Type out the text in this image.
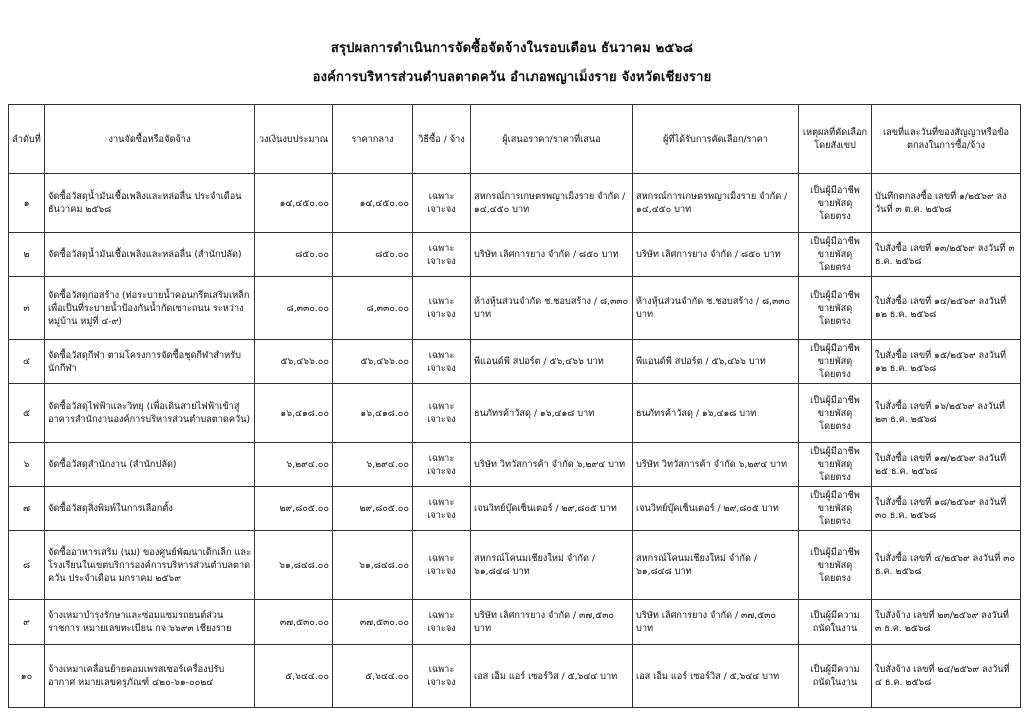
สรุปผลการดำเนินการจัดซื้อจัดจ้างในรอบเดือน ธันวาคม ๒๕๖๘
องค์การบริหารส่วนตำบลตาดควัน อำเภอพญาเม็งราย จังหวัดเชียงราย
ลำดับที่	งานจัดซื้อหรือจัดจ้าง	วงเงินงบประมาณ	ราคากลาง	วิธีซื้อ / จ้าง	ผู้เสนอราคา/ราคาที่เสนอ	ผู้ที่ได้รับการคัดเลือก/ราคา	เหตุผลที่คัดเลือกโดยสังเขป	เลขที่และวันที่ของสัญญาหรือข้อตกลงในการซื้อ/จ้าง
๑	จัดซื้อวัสดุน้ำมันเชื้อเพลิงและหล่อลื่น ประจำเดือน ธันวาคม ๒๕๖๘	๑๔,๔๕๐.๐๐	๑๔,๔๕๐.๐๐	เฉพาะเจาะจง	สหกรณ์การเกษตรพญาเม็งราย จำกัด / ๑๔,๔๕๐ บาท	สหกรณ์การเกษตรพญาเม็งราย จำกัด / ๑๔,๔๕๐ บาท	เป็นผู้มีอาชีพขายพัสดุโดยตรง	บันทึกตกลงซื้อ เลขที่ ๑/๒๕๖๙ ลงวันที่ ๓ ต.ค. ๒๕๖๘
๒	จัดซื้อวัสดุน้ำมันเชื้อเพลิงและหล่อลื่น (สำนักปลัด)	๘๕๐.๐๐	๘๕๐.๐๐	เฉพาะเจาะจง	บริษัท เลิศการยาง จำกัด / ๘๕๐ บาท	บริษัท เลิศการยาง จำกัด / ๘๕๐ บาท	เป็นผู้มีอาชีพขายพัสดุโดยตรง	ใบสั่งซื้อ เลขที่ ๑๓/๒๕๖๙ ลงวันที่ ๓ ธ.ค. ๒๕๖๘
๓	จัดซื้อวัสดุก่อสร้าง (ท่อระบายน้ำคอนกรีตเสริมเหล็ก เพื่อเป็นที่ระบายน้ำป้องกันน้ำกัดเซาะถนน ระหว่างหมู่บ้าน หมู่ที่ ๔-๙)	๘,๓๓๐.๐๐	๘,๓๓๐.๐๐	เฉพาะเจาะจง	ห้างหุ้นส่วนจำกัด ช.ชอบสร้าง / ๘,๓๓๐ บาท	ห้างหุ้นส่วนจำกัด ช.ชอบสร้าง / ๘,๓๓๐ บาท	เป็นผู้มีอาชีพขายพัสดุโดยตรง	ใบสั่งซื้อ เลขที่ ๑๔/๒๕๖๙ ลงวันที่ ๑๒ ธ.ค. ๒๕๖๘
๔	จัดซื้อวัสดุกีฬา ตามโครงการจัดซื้อชุดกีฬาสำหรับนักกีฬา	๕๖,๔๖๖.๐๐	๕๖,๔๖๖.๐๐	เฉพาะเจาะจง	พีแอนด์พี สปอร์ต / ๕๖,๔๖๖ บาท	พีแอนด์พี สปอร์ต / ๕๖,๔๖๖ บาท	เป็นผู้มีอาชีพขายพัสดุโดยตรง	ใบสั่งซื้อ เลขที่ ๑๕/๒๕๖๙ ลงวันที่ ๑๒ ธ.ค. ๒๕๖๘
๕	จัดซื้อวัสดุไฟฟ้าและวิทยุ (เพื่อเดินสายไฟฟ้าเข้าสู่อาคารสำนักงานองค์การบริหารส่วนตำบลตาดควัน)	๑๖,๔๑๘.๐๐	๑๖,๔๑๘.๐๐	เฉพาะเจาะจง	ธนภัทรค้าวัสดุ / ๑๖,๔๑๘ บาท	ธนภัทรค้าวัสดุ / ๑๖,๔๑๘ บาท	เป็นผู้มีอาชีพขายพัสดุโดยตรง	ใบสั่งซื้อ เลขที่ ๑๖/๒๕๖๙ ลงวันที่ ๒๓ ธ.ค. ๒๕๖๘
๖	จัดซื้อวัสดุสำนักงาน (สำนักปลัด)	๖,๒๙๔.๐๐	๖,๒๙๔.๐๐	เฉพาะเจาะจง	บริษัท วิทวัสการค้า จำกัด ๖,๒๙๔ บาท	บริษัท วิทวัสการค้า จำกัด ๖,๒๙๔ บาท	เป็นผู้มีอาชีพขายพัสดุโดยตรง	ใบสั่งซื้อ เลขที่ ๑๗/๒๕๖๙ ลงวันที่ ๒๕ ธ.ค. ๒๕๖๘
๗	จัดซื้อวัสดุสิ่งพิมพ์ในการเลือกตั้ง	๒๙,๘๐๕.๐๐	๒๙,๘๐๕.๐๐	เฉพาะเจาะจง	เจนวิทย์บุ๊คเซ็นเตอร์ / ๒๙,๘๐๕ บาท	เจนวิทย์บุ๊คเซ็นเตอร์ / ๒๙,๘๐๕ บาท	เป็นผู้มีอาชีพขายพัสดุโดยตรง	ใบสั่งซื้อ เลขที่ ๑๘/๒๕๖๙ ลงวันที่ ๓๐ ธ.ค. ๒๕๖๘
๘	จัดซื้ออาหารเสริม (นม) ของศูนย์พัฒนาเด็กเล็ก และโรงเรียนในเขตบริการองค์การบริหารส่วนตำบลตาดควัน ประจำเดือน มกราคม ๒๕๖๙	๖๑,๘๔๘.๐๐	๖๑,๘๔๘.๐๐	เฉพาะเจาะจง	สหกรณ์โคนมเชียงใหม่ จำกัด / ๖๑,๘๔๘ บาท	สหกรณ์โคนมเชียงใหม่ จำกัด / ๖๑,๘๔๘ บาท	เป็นผู้มีอาชีพขายพัสดุโดยตรง	ใบสั่งซื้อ เลขที่ ๔/๒๕๖๙ ลงวันที่ ๓๐ ธ.ค. ๒๕๖๘
๙	จ้างเหมาบำรุงรักษาและซ่อมแซมรถยนต์ส่วนราชการ หมายเลขทะเบียน กจ ๖๖๙๓ เชียงราย	๓๗,๕๓๐.๐๐	๓๗,๕๓๐.๐๐	เฉพาะเจาะจง	บริษัท เลิศการยาง จำกัด / ๓๗,๕๓๐ บาท	บริษัท เลิศการยาง จำกัด / ๓๗,๕๓๐ บาท	เป็นผู้มีความถนัดในงาน	ใบสั่งจ้าง เลขที่ ๒๓/๒๕๖๙ ลงวันที่ ๓ ธ.ค. ๒๕๖๘
๑๐	จ้างเหมาเคลื่อนย้ายคอมเพรสเซอร์เครื่องปรับอากาศ หมายเลขครุภัณฑ์ ๔๒๐-๖๑-๐๐๒๔	๕,๖๔๔.๐๐	๕,๖๔๔.๐๐	เฉพาะเจาะจง	เอส เอ็ม แอร์ เซอร์วิส / ๕,๖๔๔ บาท	เอส เอ็ม แอร์ เซอร์วิส / ๕,๖๔๔ บาท	เป็นผู้มีความถนัดในงาน	ใบสั่งจ้าง เลขที่ ๒๔/๒๕๖๙ ลงวันที่ ๔ ธ.ค. ๒๕๖๘
